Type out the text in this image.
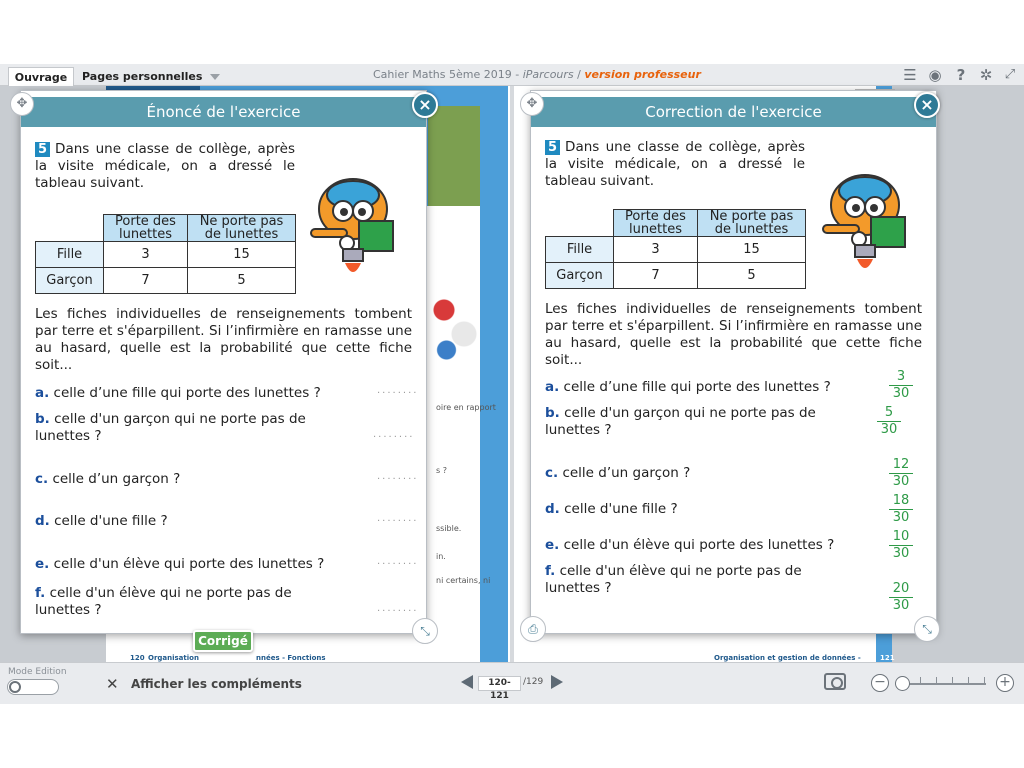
Ouvrage	Pages personnelles	Cahier Maths 5ème 2019 - iParcours / version professeur	☰ ◉	? ✲ ⤢
oire en rapport
s ?
ssible.
in.
ni certains, ni
120 Organisation	nnées - Fonctions	Organisation et gestion de données -	121
Énoncé de l'exercice
5 Dans une classe de collège, après la visite médicale, on a dressé le tableau suivant.
	Porte des lunettes	Ne porte pas de lunettes
Fille	3	15
Garçon	7	5
Les fiches individuelles de renseignements tombent par terre et s'éparpillent. Si l’infirmière en ramasse une au hasard, quelle est la probabilité que cette fiche soit...
a. celle d’une fille qui porte des lunettes ?	........
b. celle d'un garçon qui ne porte pas de lunettes ?	........
c. celle d’un garçon ?	........
d. celle d'une fille ?	........
e. celle d'un élève qui porte des lunettes ?	........
f. celle d'un élève qui ne porte pas de lunettes ?	........
✥	×
⤡
Correction de l'exercice
5 Dans une classe de collège, après la visite médicale, on a dressé le tableau suivant.
	Porte des lunettes	Ne porte pas de lunettes
Fille	3	15
Garçon	7	5
Les fiches individuelles de renseignements tombent par terre et s'éparpillent. Si l’infirmière en ramasse une au hasard, quelle est la probabilité que cette fiche soit...
a. celle d’une fille qui porte des lunettes ?	$\frac{3}{30}$
b. celle d'un garçon qui ne porte pas de lunettes ?	$\frac{5}{30}$
c. celle d’un garçon ?	$\frac{12}{30}$
d. celle d'une fille ?	$\frac{18}{30}$
e. celle d'un élève qui porte des lunettes ?	$\frac{10}{30}$
f. celle d'un élève qui ne porte pas de lunettes ?	$\frac{20}{30}$
✥	×
⎙	⤡
Corrigé
Mode Edition
✕ Afficher les compléments	120-121
/129	−	+
